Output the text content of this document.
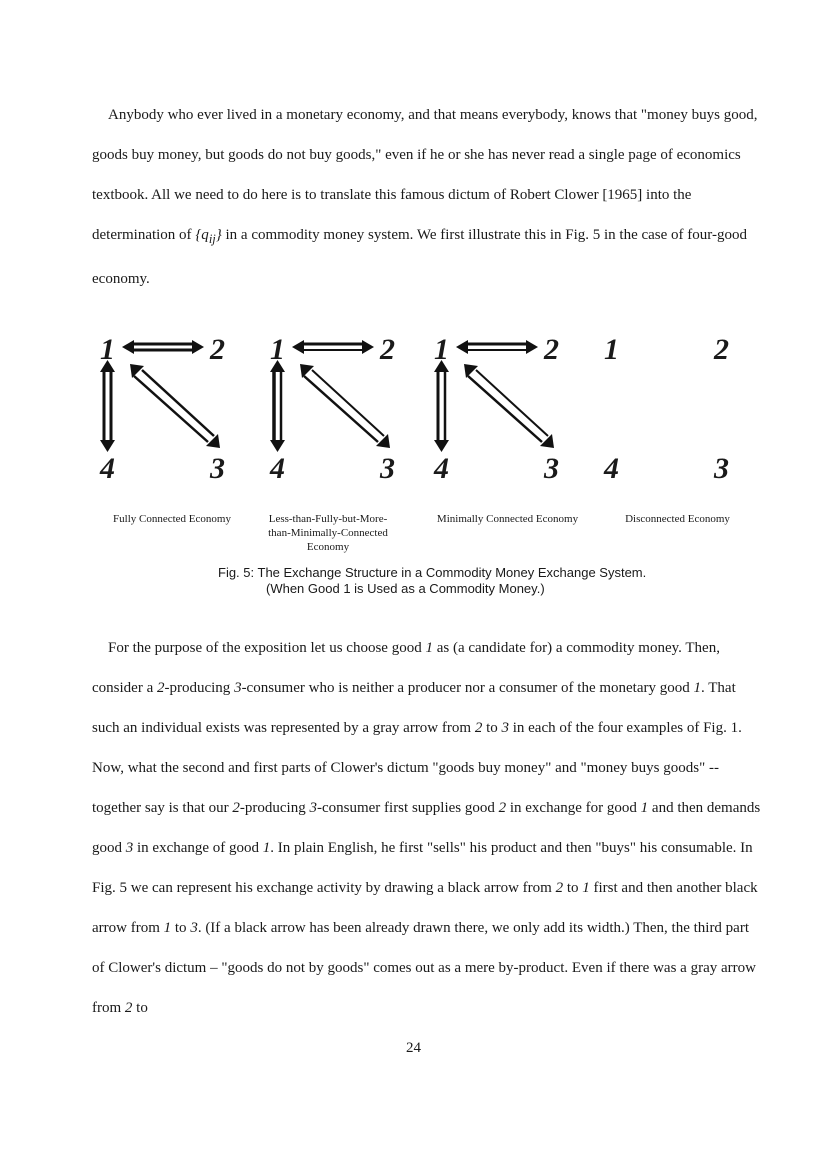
Anybody who ever lived in a monetary economy, and that means everybody, knows that "money buys good, goods buy money, but goods do not buy goods," even if he or she has never read a single page of economics textbook. All we need to do here is to translate this famous dictum of Robert Clower [1965] into the determination of $\{q_{ij}\}$ in a commodity money system. We first illustrate this in Fig. 5 in the case of four-good economy.

1	2
4	3
1	2
4	3
1	2
4	3
1	2
4	3
Fully Connected Economy	Less-than-Fully-but-More-than-Minimally-Connected Economy
Minimally Connected Economy	Disconnected Economy
Fig. 5: The Exchange Structure in a Commodity Money Exchange System.
(When Good 1 is Used as a Commodity Money.)

For the purpose of the exposition let us choose good 1 as (a candidate for) a commodity money. Then, consider a 2-producing 3-consumer who is neither a producer nor a consumer of the monetary good 1. That such an individual exists was represented by a gray arrow from 2 to 3 in each of the four examples of Fig. 1. Now, what the second and first parts of Clower's dictum "goods buy money" and "money buys goods" -- together say is that our 2-producing 3-consumer first supplies good 2 in exchange for good 1 and then demands good 3 in exchange of good 1. In plain English, he first "sells" his product and then "buys" his consumable. In Fig. 5 we can represent his exchange activity by drawing a black arrow from 2 to 1 first and then another black arrow from 1 to 3. (If a black arrow has been already drawn there, we only add its width.) Then, the third part of Clower's dictum – "goods do not by goods" comes out as a mere by-product. Even if there was a gray arrow from 2 to

24
